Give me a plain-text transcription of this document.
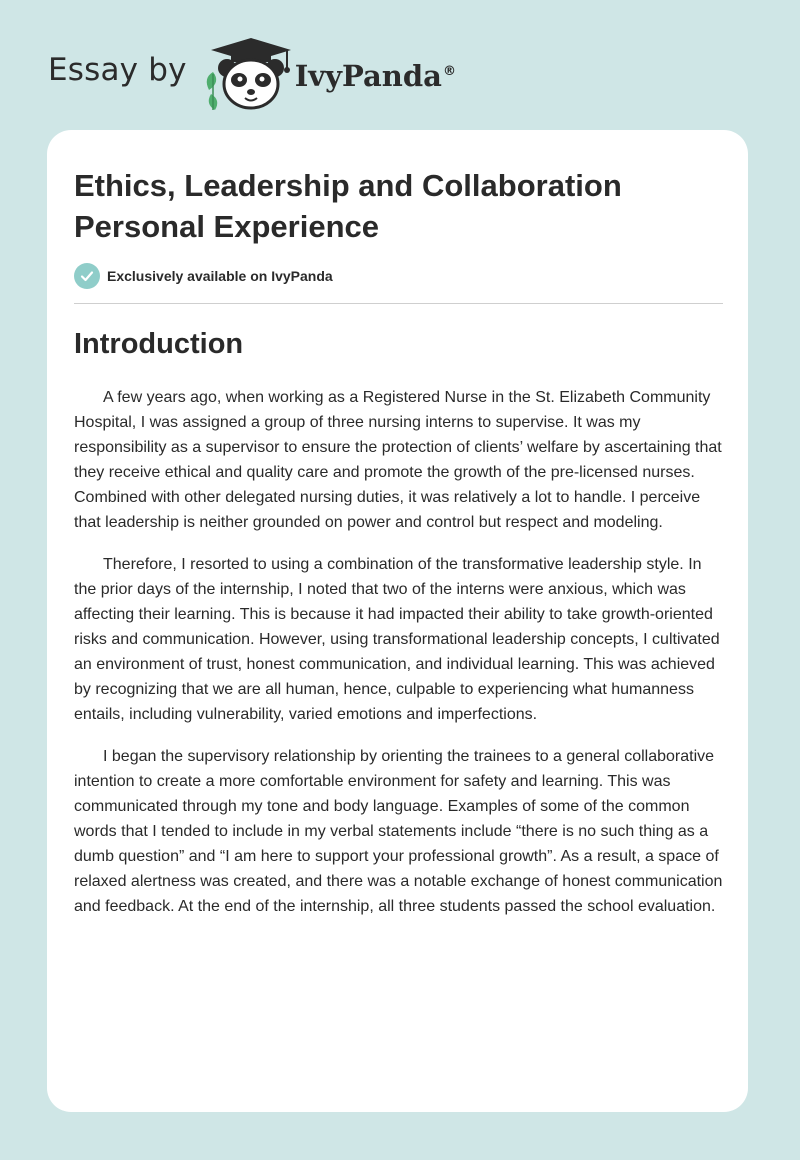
Essay by	IvyPanda®
Ethics, Leadership and Collaboration Personal Experience
Exclusively available on IvyPanda
Introduction

A few years ago, when working as a Registered Nurse in the St. Elizabeth Community Hospital, I was assigned a group of three nursing interns to supervise. It was my responsibility as a supervisor to ensure the protection of clients’ welfare by ascertaining that they receive ethical and quality care and promote the growth of the pre-licensed nurses. Combined with other delegated nursing duties, it was relatively a lot to handle. I perceive that leadership is neither grounded on power and control but respect and modeling.

Therefore, I resorted to using a combination of the transformative leadership style. In the prior days of the internship, I noted that two of the interns were anxious, which was affecting their learning. This is because it had impacted their ability to take growth-oriented risks and communication. However, using transformational leadership concepts, I cultivated an environment of trust, honest communication, and individual learning. This was achieved by recognizing that we are all human, hence, culpable to experiencing what humanness entails, including vulnerability, varied emotions and imperfections.

I began the supervisory relationship by orienting the trainees to a general collaborative intention to create a more comfortable environment for safety and learning. This was communicated through my tone and body language. Examples of some of the common words that I tended to include in my verbal statements include “there is no such thing as a dumb question” and “I am here to support your professional growth”. As a result, a space of relaxed alertness was created, and there was a notable exchange of honest communication and feedback. At the end of the internship, all three students passed the school evaluation.
